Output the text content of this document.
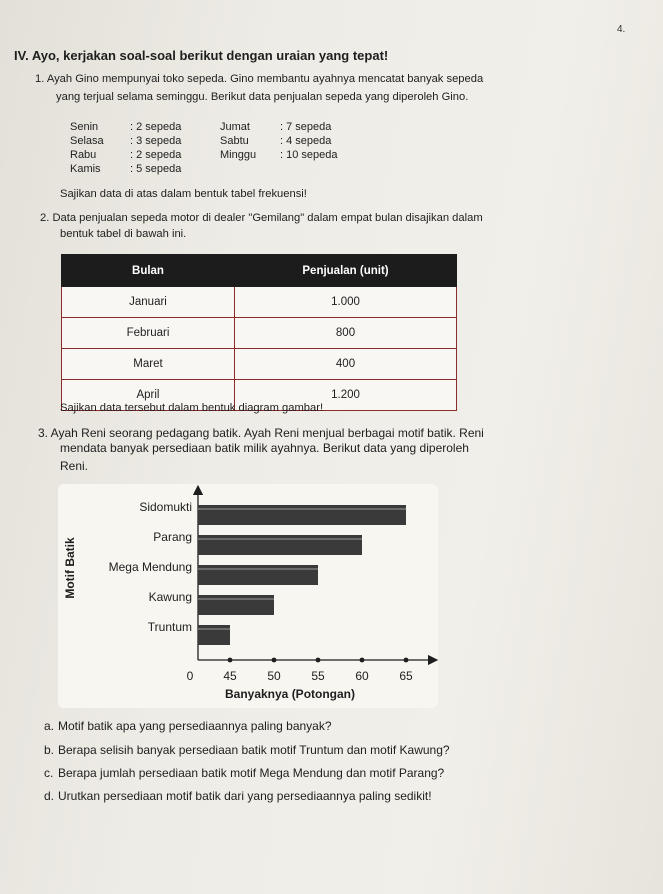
4.
IV. Ayo, kerjakan soal-soal berikut dengan uraian yang tepat!
1. Ayah Gino mempunyai toko sepeda. Gino membantu ayahnya mencatat banyak sepeda
yang terjual selama seminggu. Berikut data penjualan sepeda yang diperoleh Gino.
Senin	: 2 sepeda	Jumat	: 7 sepeda
Selasa	: 3 sepeda	Sabtu	: 4 sepeda
Rabu	: 2 sepeda	Minggu	: 10 sepeda
Kamis	: 5 sepeda
Sajikan data di atas dalam bentuk tabel frekuensi!
2. Data penjualan sepeda motor di dealer "Gemilang" dalam empat bulan disajikan dalam
bentuk tabel di bawah ini.
Bulan	Penjualan (unit)
Januari	1.000
Februari	800
Maret	400
April	1.200
Sajikan data tersebut dalam bentuk diagram gambar!
3. Ayah Reni seorang pedagang batik. Ayah Reni menjual berbagai motif batik. Reni
mendata banyak persediaan batik milik ayahnya. Berikut data yang diperoleh
Reni.
Motif Batik
Banyaknya (Potongan)
Sidomukti
Parang
Mega Mendung
Kawung
Truntum
0 45	50	55	60	65
a. Motif batik apa yang persediaannya paling banyak?
b. Berapa selisih banyak persediaan batik motif Truntum dan motif Kawung?
c. Berapa jumlah persediaan batik motif Mega Mendung dan motif Parang?
d. Urutkan persediaan motif batik dari yang persediaannya paling sedikit!
